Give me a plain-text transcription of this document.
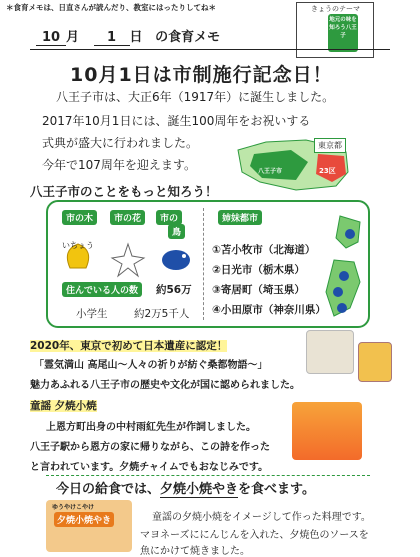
＊食育メモは、日直さんが読んだり、教室にはったりしてね＊	きょうのテーマ
地元の味を知ろう八王子
10 月 1 日 の食育メモ
10月1日は市制施行記念日！
八王子市は、大正6年（1917年）に誕生しました。
2017年10月1日には、誕生100周年をお祝いする
式典が盛大に行われました。
今年で107周年を迎えます。
東京都
23区
八王子市
八王子市のことをもっと知ろう！
市の木	市の花	市の
鳥
いちょう
住んでいる人の数	約56万
小学生	約2万5千人
姉妹都市
①苫小牧市（北海道）
②日光市（栃木県）
③寄居町（埼玉県）
④小田原市（神奈川県）
2020年、東京で初めて日本遺産に認定！
「霊気満山 高尾山～人々の祈りが紡ぐ桑都物語～」
魅力あふれる八王子市の歴史や文化が国に認められました。
童謡 夕焼小焼
上恩方町出身の中村雨紅先生が作詞しました。
八王子駅から恩方の家に帰りながら、この詩を作った
と言われています。夕焼チャイムでもおなじみです。
今日の給食では、夕焼小焼やきを食べます。
ゆうやけこやけ
夕焼小焼やき	童謡の夕焼小焼をイメージして作った料理です。
マヨネーズににんじんを入れた、夕焼色のソースを
魚にかけて焼きました。
